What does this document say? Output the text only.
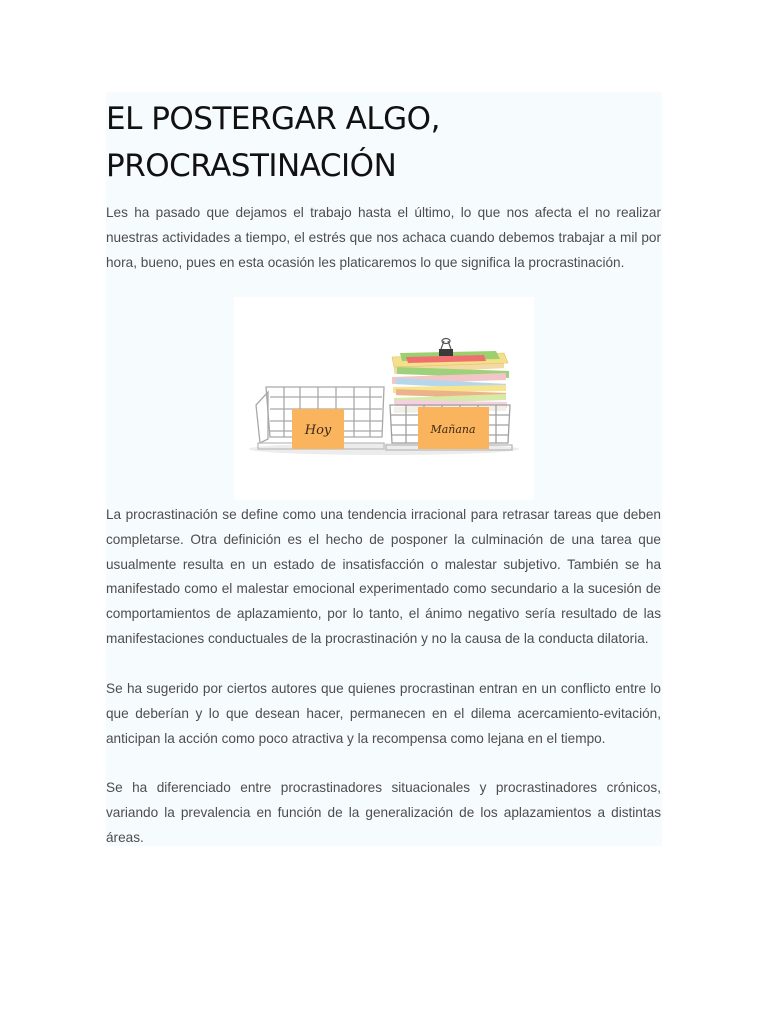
EL POSTERGAR ALGO, PROCRASTINACIÓN

Les ha pasado que dejamos el trabajo hasta el último, lo que nos afecta el no realizar nuestras actividades a tiempo, el estrés que nos achaca cuando debemos trabajar a mil por hora, bueno, pues en esta ocasión les platicaremos lo que significa la procrastinación.

Hoy	Mañana

La procrastinación se define como una tendencia irracional para retrasar tareas que deben completarse. Otra definición es el hecho de posponer la culminación de una tarea que usualmente resulta en un estado de insatisfacción o malestar subjetivo. También se ha manifestado como el malestar emocional experimentado como secundario a la sucesión de comportamientos de aplazamiento, por lo tanto, el ánimo negativo sería resultado de las manifestaciones conductuales de la procrastinación y no la causa de la conducta dilatoria.

Se ha sugerido por ciertos autores que quienes procrastinan entran en un conflicto entre lo que deberían y lo que desean hacer, permanecen en el dilema acercamiento-evitación, anticipan la acción como poco atractiva y la recompensa como lejana en el tiempo.

Se ha diferenciado entre procrastinadores situacionales y procrastinadores crónicos, variando la prevalencia en función de la generalización de los aplazamientos a distintas áreas.
